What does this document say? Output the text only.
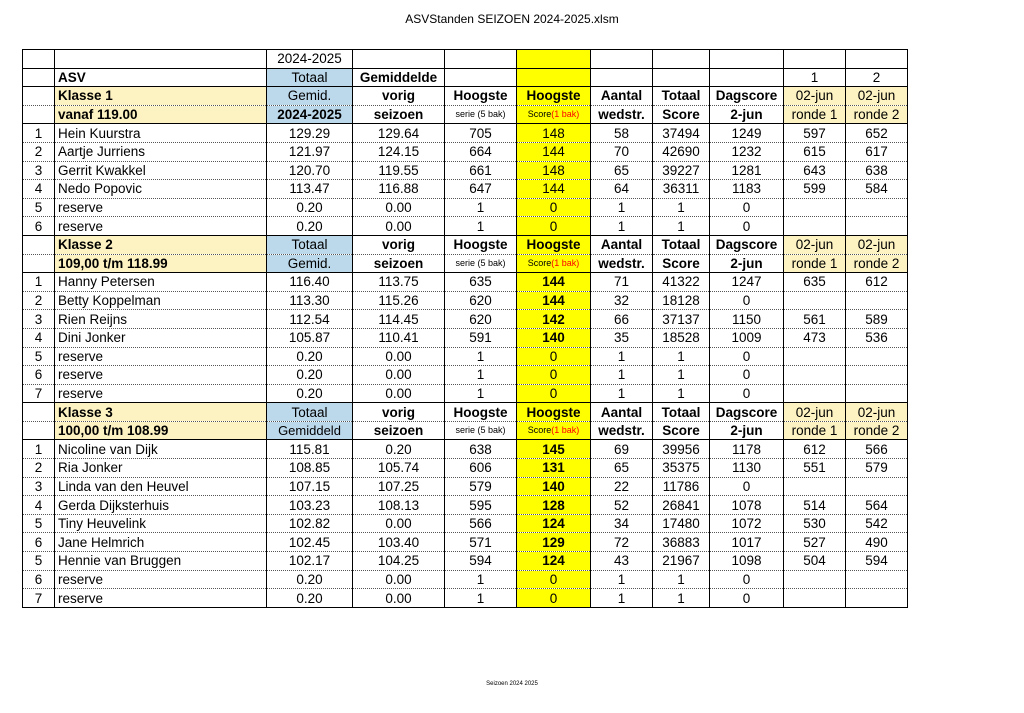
ASVStanden SEIZOEN 2024-2025.xlsm
		2024-2025								
	ASV	Totaal	Gemiddelde						1	2
	Klasse 1	Gemid.	vorig	Hoogste	Hoogste	Aantal	Totaal	Dagscore	02-jun	02-jun
	vanaf 119.00	2024-2025	seizoen	serie (5 bak)	Score(1 bak)	wedstr.	Score	2-jun	ronde 1	ronde 2
1	Hein Kuurstra	129.29	129.64	705	148	58	37494	1249	597	652
2	Aartje Jurriens	121.97	124.15	664	144	70	42690	1232	615	617
3	Gerrit Kwakkel	120.70	119.55	661	148	65	39227	1281	643	638
4	Nedo Popovic	113.47	116.88	647	144	64	36311	1183	599	584
5	reserve	0.20	0.00	1	0	1	1	0		
6	reserve	0.20	0.00	1	0	1	1	0		
	Klasse 2	Totaal	vorig	Hoogste	Hoogste	Aantal	Totaal	Dagscore	02-jun	02-jun
	109,00 t/m 118.99	Gemid.	seizoen	serie (5 bak)	Score(1 bak)	wedstr.	Score	2-jun	ronde 1	ronde 2
1	Hanny Petersen	116.40	113.75	635	144	71	41322	1247	635	612
2	Betty Koppelman	113.30	115.26	620	144	32	18128	0		
3	Rien Reijns	112.54	114.45	620	142	66	37137	1150	561	589
4	Dini Jonker	105.87	110.41	591	140	35	18528	1009	473	536
5	reserve	0.20	0.00	1	0	1	1	0		
6	reserve	0.20	0.00	1	0	1	1	0		
7	reserve	0.20	0.00	1	0	1	1	0		
	Klasse 3	Totaal	vorig	Hoogste	Hoogste	Aantal	Totaal	Dagscore	02-jun	02-jun
	100,00 t/m 108.99	Gemiddeld	seizoen	serie (5 bak)	Score(1 bak)	wedstr.	Score	2-jun	ronde 1	ronde 2
1	Nicoline van Dijk	115.81	0.20	638	145	69	39956	1178	612	566
2	Ria Jonker	108.85	105.74	606	131	65	35375	1130	551	579
3	Linda van den Heuvel	107.15	107.25	579	140	22	11786	0		
4	Gerda Dijksterhuis	103.23	108.13	595	128	52	26841	1078	514	564
5	Tiny Heuvelink	102.82	0.00	566	124	34	17480	1072	530	542
6	Jane Helmrich	102.45	103.40	571	129	72	36883	1017	527	490
5	Hennie van Bruggen	102.17	104.25	594	124	43	21967	1098	504	594
6	reserve	0.20	0.00	1	0	1	1	0		
7	reserve	0.20	0.00	1	0	1	1	0		
Seizoen 2024 2025
